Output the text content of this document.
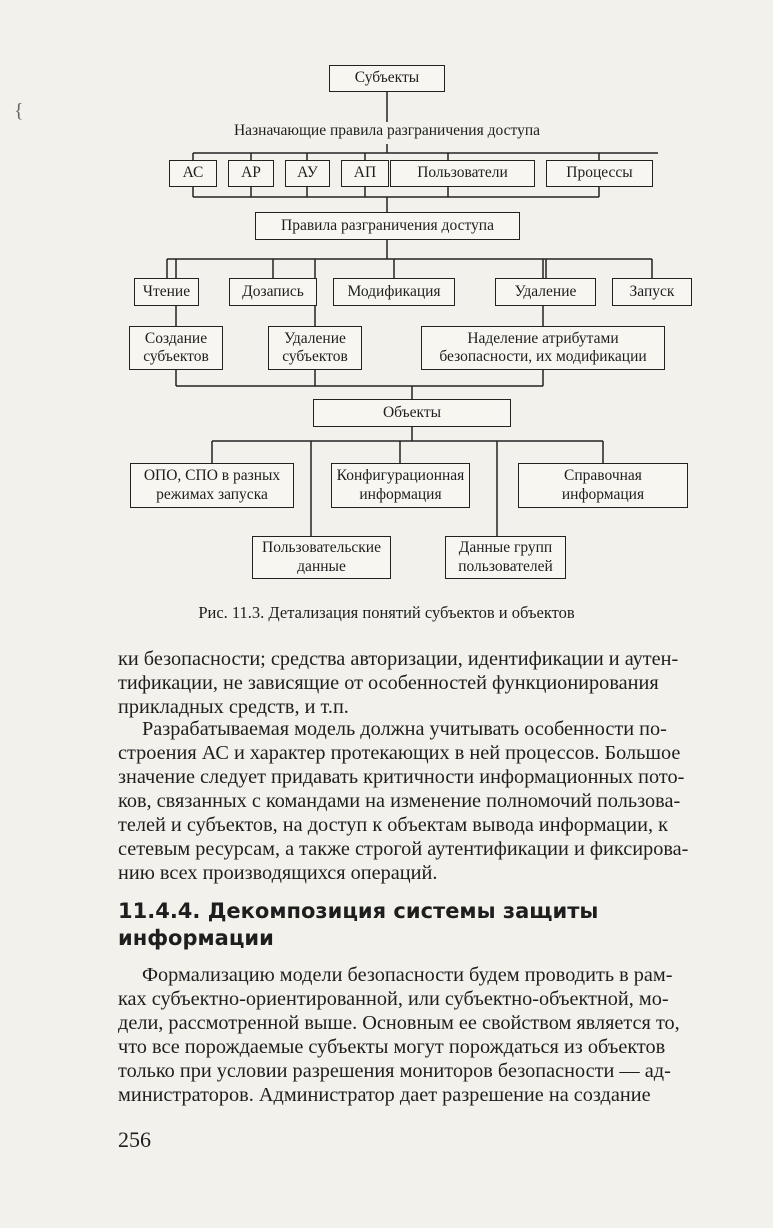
Субъекты
Назначающие правила разграничения доступа
АС	АР	АУ	АП	Пользователи	Процессы
Правила разграничения доступа
Чтение	Дозапись	Модификация	Удаление	Запуск
Создание
субъектов
Удаление
субъектов
Наделение атрибутами
безопасности, их модификации
Объекты
ОПО, СПО в разных
режимах запуска
Конфигурационная
информация
Справочная
информация
Пользовательские
данные
Данные групп
пользователей
Рис. 11.3. Детализация понятий субъектов и объектов
ки безопасности; средства авторизации, идентификации и аутен-
тификации, не зависящие от особенностей функционирования
прикладных средств, и т.п.
Разрабатываемая модель должна учитывать особенности по-
строения АС и характер протекающих в ней процессов. Большое
значение следует придавать критичности информационных пото-
ков, связанных с командами на изменение полномочий пользова-
телей и субъектов, на доступ к объектам вывода информации, к
сетевым ресурсам, а также строгой аутентификации и фиксирова-
нию всех производящихся операций.
11.4.4. Декомпозиция системы защиты
информации
Формализацию модели безопасности будем проводить в рам-
ках субъектно-ориентированной, или субъектно-объектной, мо-
дели, рассмотренной выше. Основным ее свойством является то,
что все порождаемые субъекты могут порождаться из объектов
только при условии разрешения мониторов безопасности — ад-
министраторов. Администратор дает разрешение на создание
256
{
